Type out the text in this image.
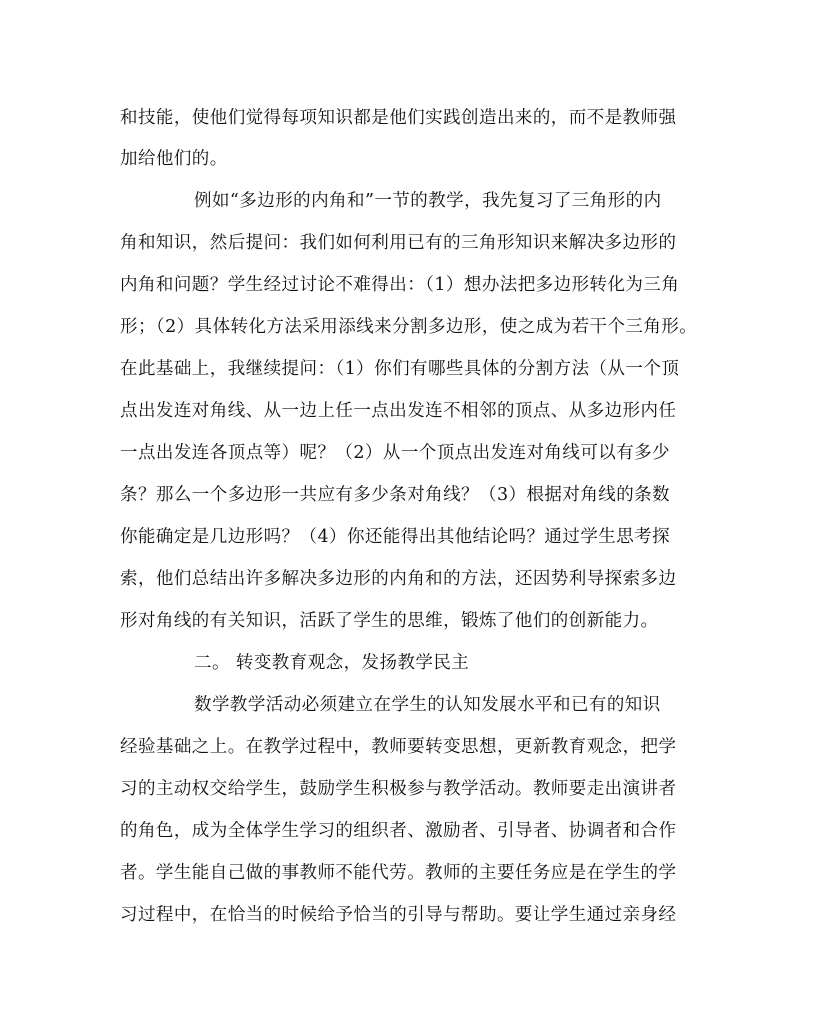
和技能，使他们觉得每项知识都是他们实践创造出来的，而不是教师强
加给他们的。
例如“多边形的内角和”一节的教学，我先复习了三角形的内
角和知识，然后提问：我们如何利用已有的三角形知识来解决多边形的
内角和问题？学生经过讨论不难得出：（1）想办法把多边形转化为三角
形；（2）具体转化方法采用添线来分割多边形，使之成为若干个三角形。
在此基础上，我继续提问：（1）你们有哪些具体的分割方法（从一个顶
点出发连对角线、从一边上任一点出发连不相邻的顶点、从多边形内任
一点出发连各顶点等）呢？（2）从一个顶点出发连对角线可以有多少
条？那么一个多边形一共应有多少条对角线？（3）根据对角线的条数
你能确定是几边形吗？（4）你还能得出其他结论吗？通过学生思考探
索，他们总结出许多解决多边形的内角和的方法，还因势利导探索多边
形对角线的有关知识，活跃了学生的思维，锻炼了他们的创新能力。
二。 转变教育观念，发扬教学民主
数学教学活动必须建立在学生的认知发展水平和已有的知识
经验基础之上。在教学过程中，教师要转变思想，更新教育观念，把学
习的主动权交给学生，鼓励学生积极参与教学活动。教师要走出演讲者
的角色，成为全体学生学习的组织者、激励者、引导者、协调者和合作
者。学生能自己做的事教师不能代劳。教师的主要任务应是在学生的学
习过程中，在恰当的时候给予恰当的引导与帮助。要让学生通过亲身经
